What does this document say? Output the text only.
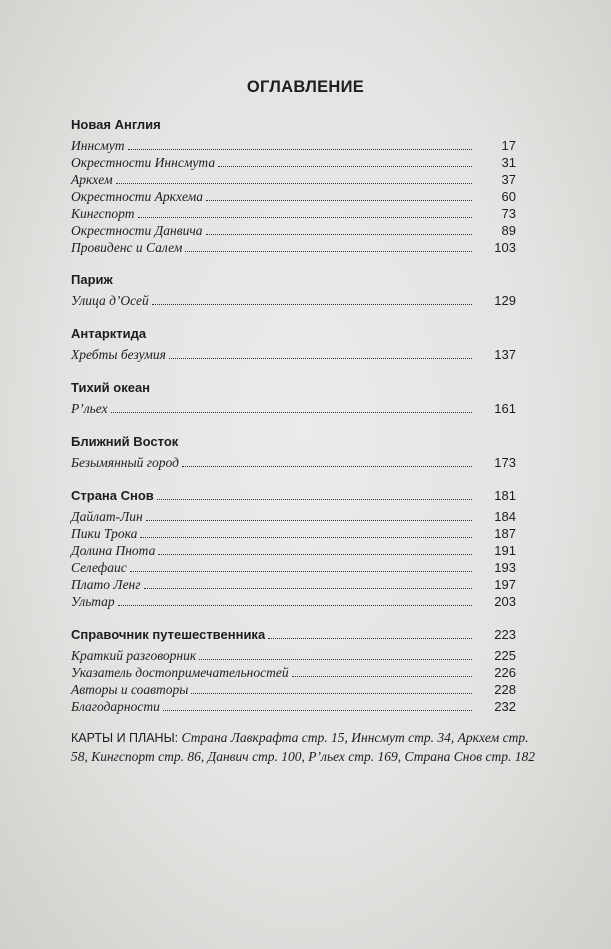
ОГЛАВЛЕНИЕ
Новая Англия
Иннсмут	17
Окрестности Иннсмута	31
Аркхем	37
Окрестности Аркхема	60
Кингспорт	73
Окрестности Данвича	89
Провиденс и Салем	103
Париж
Улица д’Осей	129
Антарктида
Хребты безумия	137
Тихий океан
Р’льех	161
Ближний Восток
Безымянный город	173
Страна Снов	181
Дайлат-Лин	184
Пики Трока	187
Долина Пнота	191
Селефаис	193
Плато Ленг	197
Ультар	203
Справочник путешественника	223
Краткий разговорник	225
Указатель достопримечательностей	226
Авторы и соавторы	228
Благодарности	232
КАРТЫ И ПЛАНЫ: Страна Лавкрафта стр. 15, Иннсмут стр. 34, Аркхем стр. 58, Кингспорт стр. 86, Данвич стр. 100, Р’льех стр. 169, Страна Снов стр. 182
